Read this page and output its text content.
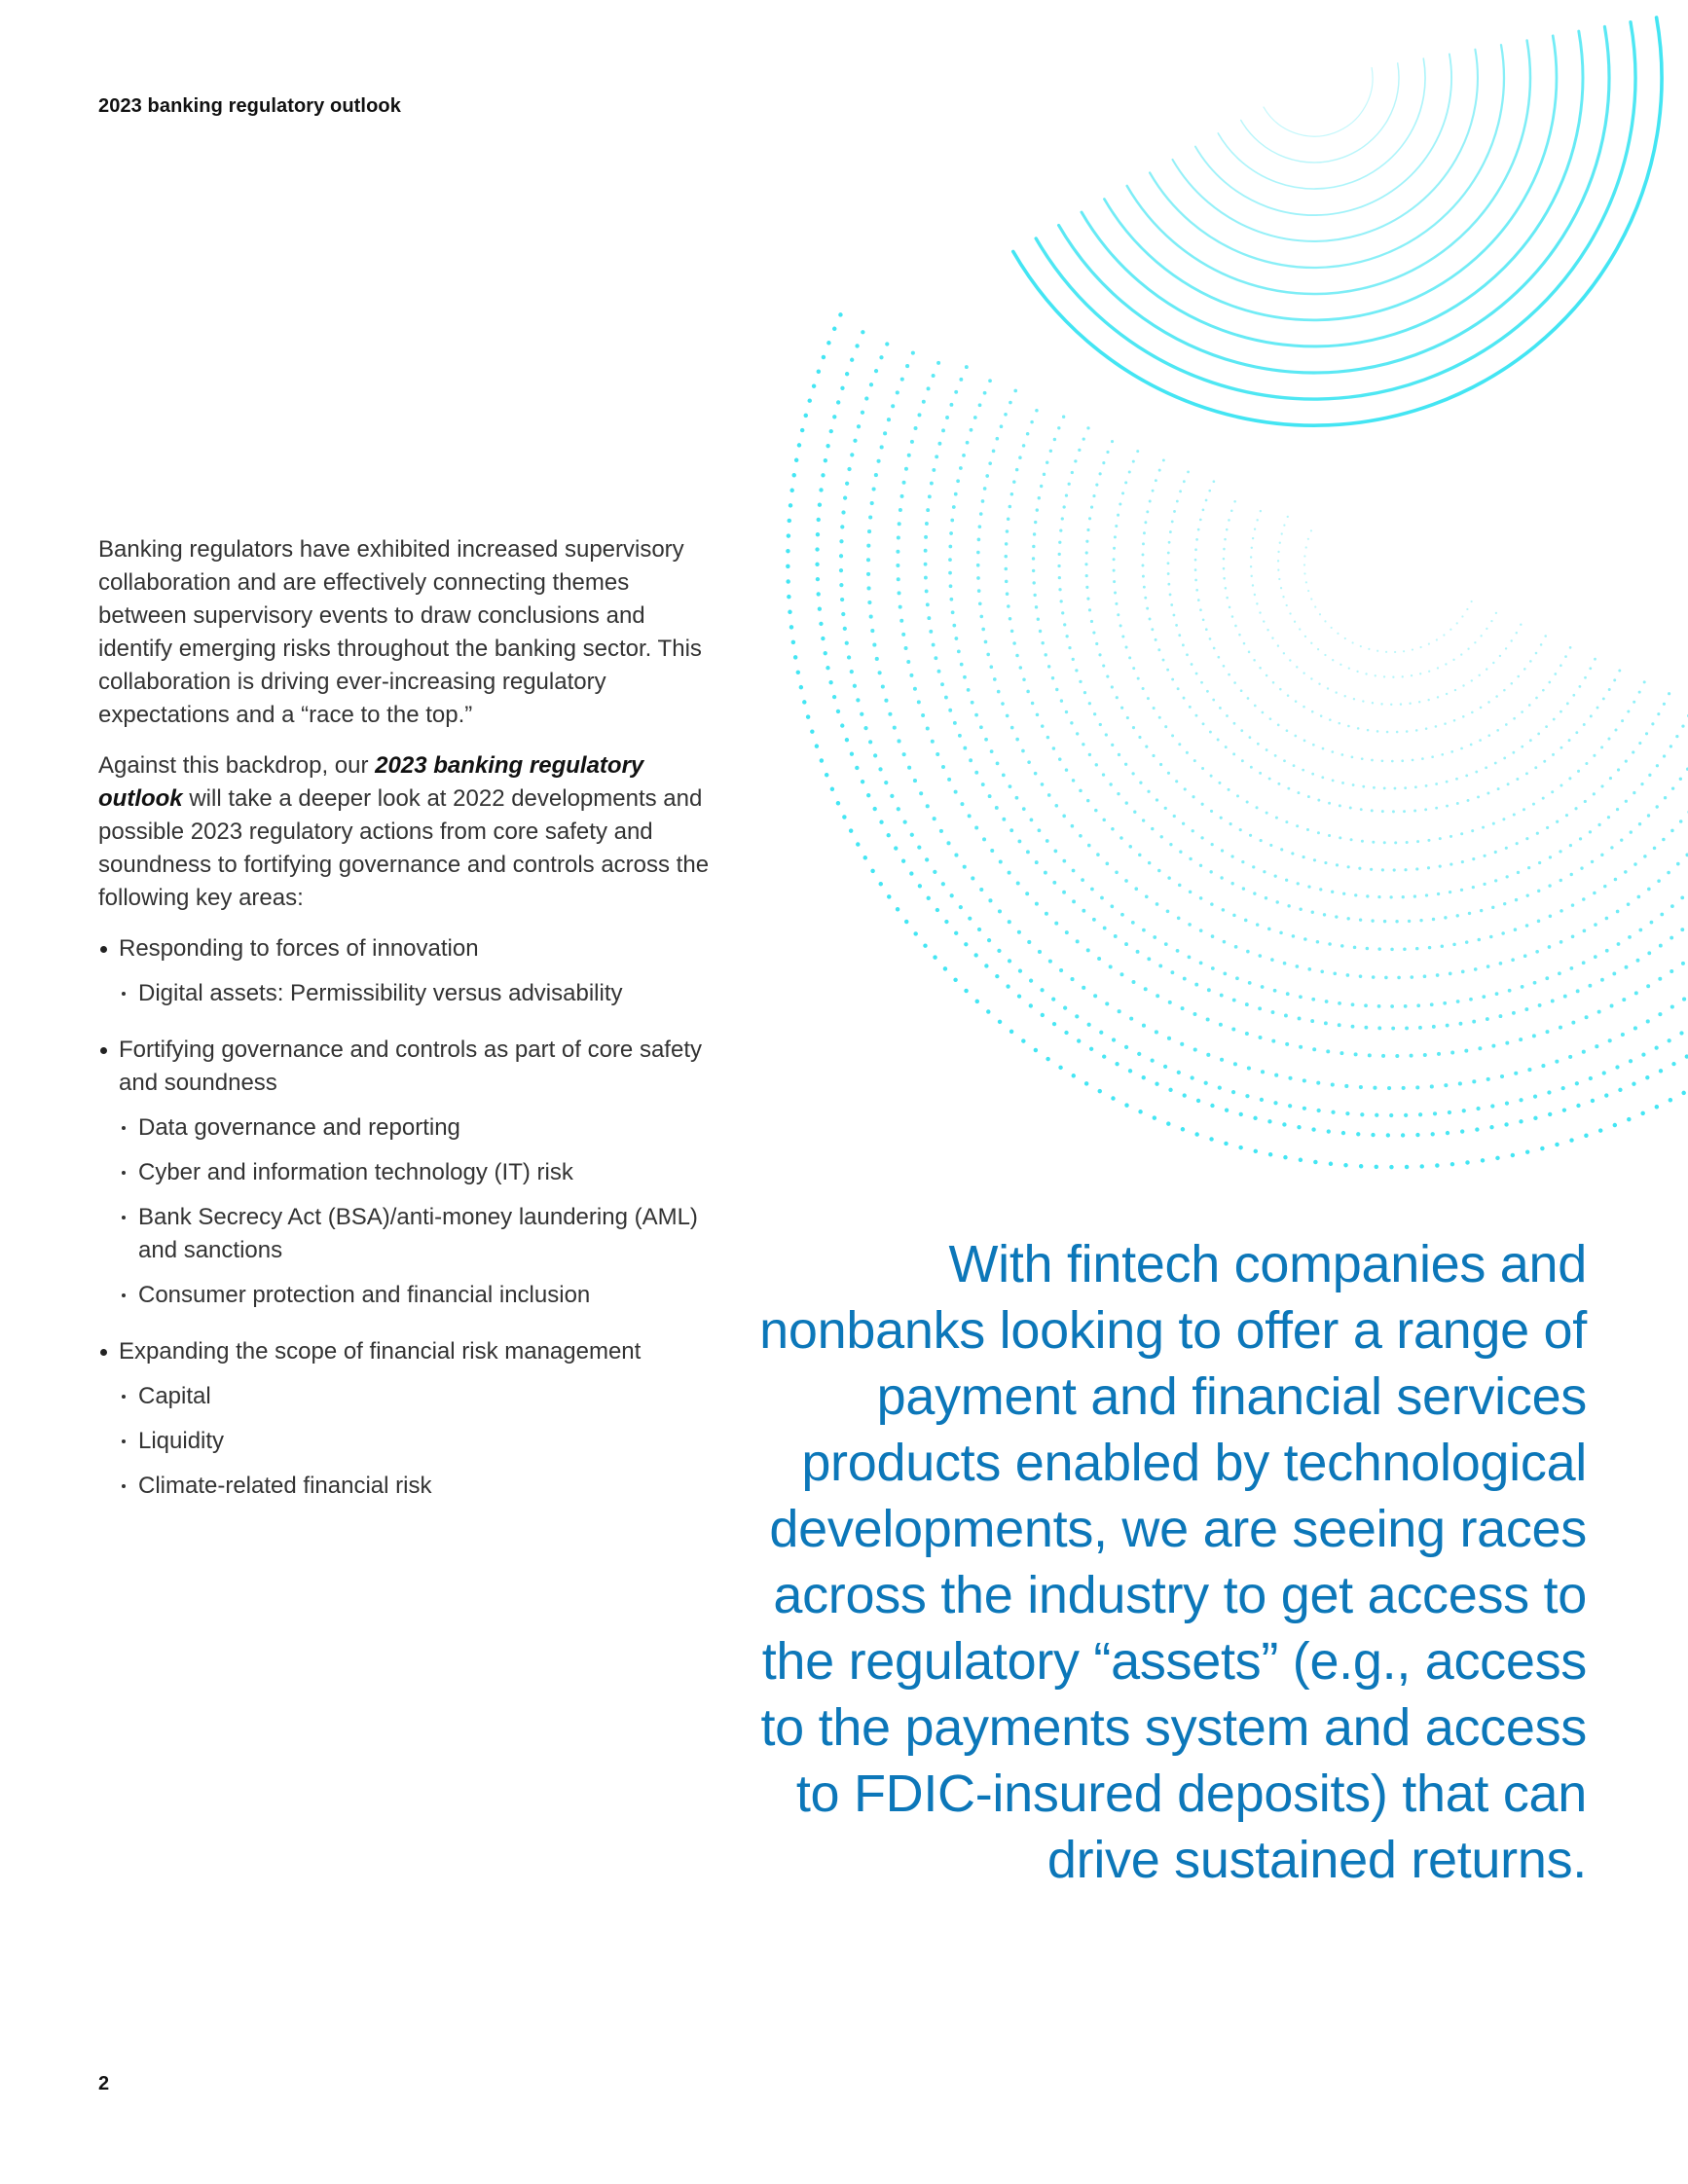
2023 banking regulatory outlook

Banking regulators have exhibited increased supervisory collaboration and are effectively connecting themes between supervisory events to draw conclusions and identify emerging risks throughout the banking sector. This collaboration is driving ever-increasing regulatory expectations and a “race to the top.”

Against this backdrop, our 2023 banking regulatory outlook will take a deeper look at 2022 developments and possible 2023 regulatory actions from core safety and soundness to fortifying governance and controls across the following key areas:

Responding to forces of innovation
Digital assets: Permissibility versus advisability
Fortifying governance and controls as part of core safety and soundness
Data governance and reporting
Cyber and information technology (IT) risk
Bank Secrecy Act (BSA)/anti-money laundering (AML) and sanctions
Consumer protection and financial inclusion
Expanding the scope of financial risk management
Capital
Liquidity
Climate-related financial risk
With fintech companies and nonbanks looking to offer a range of payment and financial services products enabled by technological developments, we are seeing races across the industry to get access to the regulatory “assets” (e.g., access to the payments system and access to FDIC-insured deposits) that can drive sustained returns.
2
